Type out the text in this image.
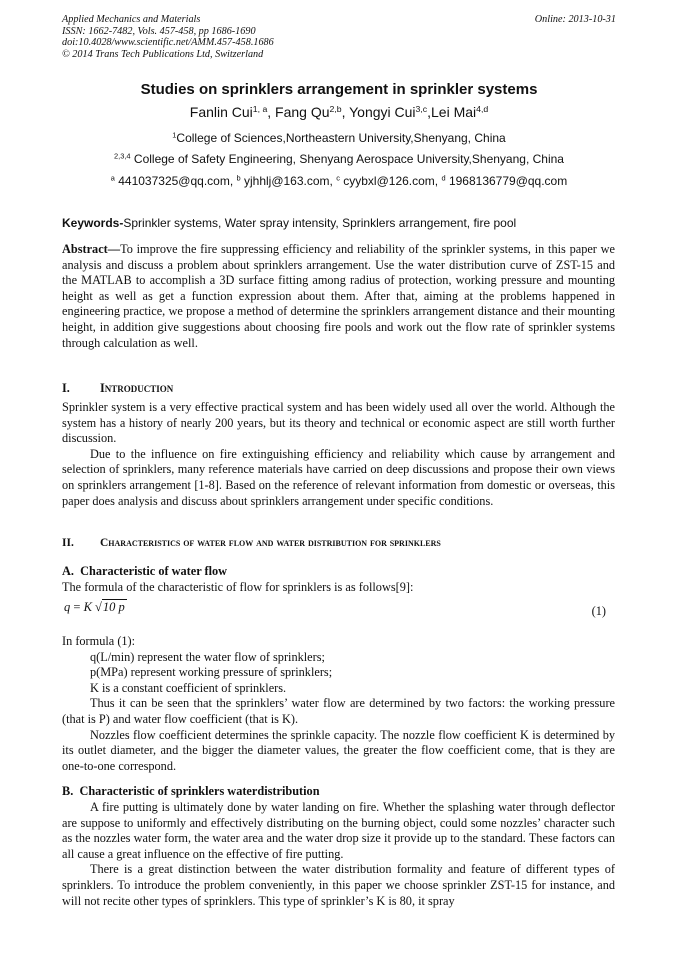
Applied Mechanics and Materials	Online: 2013-10-31
ISSN: 1662-7482, Vols. 457-458, pp 1686-1690
doi:10.4028/www.scientific.net/AMM.457-458.1686
© 2014 Trans Tech Publications Ltd, Switzerland
Studies on sprinklers arrangement in sprinkler systems
Fanlin Cui$^{1, a}$, Fang Qu$^{2,b}$, Yongyi Cui$^{3,c}$,Lei Mai$^{4,d}$
$^1$College of Sciences,Northeastern University,Shenyang, China
$^{2,3,4}$ College of Safety Engineering, Shenyang Aerospace University,Shenyang, China
$^a$ 441037325@qq.com, $^b$ yjhhlj@163.com, $^c$ cyybxl@126.com, $^d$ 1968136779@qq.com
Keywords-Sprinkler systems, Water spray intensity, Sprinklers arrangement, fire pool

Abstract—To improve the fire suppressing efficiency and reliability of the sprinkler systems, in this paper we analysis and discuss a problem about sprinklers arrangement. Use the water distribution curve of ZST-15 and the MATLAB to accomplish a 3D surface fitting among radius of protection, working pressure and mounting height as well as get a function expression about them. After that, aiming at the problems happened in engineering practice, we propose a method of determine the sprinklers arrangement distance and their mounting height, in addition give suggestions about choosing fire pools and work out the flow rate of sprinkler systems through calculation as well.

I. Introduction

Sprinkler system is a very effective practical system and has been widely used all over the world. Although the system has a history of nearly 200 years, but its theory and technical or economic aspect are still worth further discussion.

Due to the influence on fire extinguishing efficiency and reliability which cause by arrangement and selection of sprinklers, many reference materials have carried on deep discussions and propose their own views on sprinklers arrangement [1-8]. Based on the reference of relevant information from domestic or overseas, this paper does analysis and discuss about sprinklers arrangement under specific conditions.

II. Characteristics of water flow and water distribution for sprinklers
A. Characteristic of water flow

The formula of the characteristic of flow for sprinklers is as follows[9]:

q = K √10 p	(1)

In formula (1):

q(L/min) represent the water flow of sprinklers;

p(MPa) represent working pressure of sprinklers;

K is a constant coefficient of sprinklers.

Thus it can be seen that the sprinklers’ water flow are determined by two factors: the working pressure (that is P) and water flow coefficient (that is K).

Nozzles flow coefficient determines the sprinkle capacity. The nozzle flow coefficient K is determined by its outlet diameter, and the bigger the diameter values, the greater the flow coefficient come, that is they are one-to-one correspond.

B. Characteristic of sprinklers waterdistribution

A fire putting is ultimately done by water landing on fire. Whether the splashing water through deflector are suppose to uniformly and effectively distributing on the burning object, could some nozzles’ character such as the nozzles water form, the water area and the water drop size it provide up to the standard. These factors can all cause a great influence on the effective of fire putting.

There is a great distinction between the water distribution formality and feature of different types of sprinklers. To introduce the problem conveniently, in this paper we choose sprinkler ZST-15 for instance, and will not recite other types of sprinklers. This type of sprinkler’s K is 80, it spray
